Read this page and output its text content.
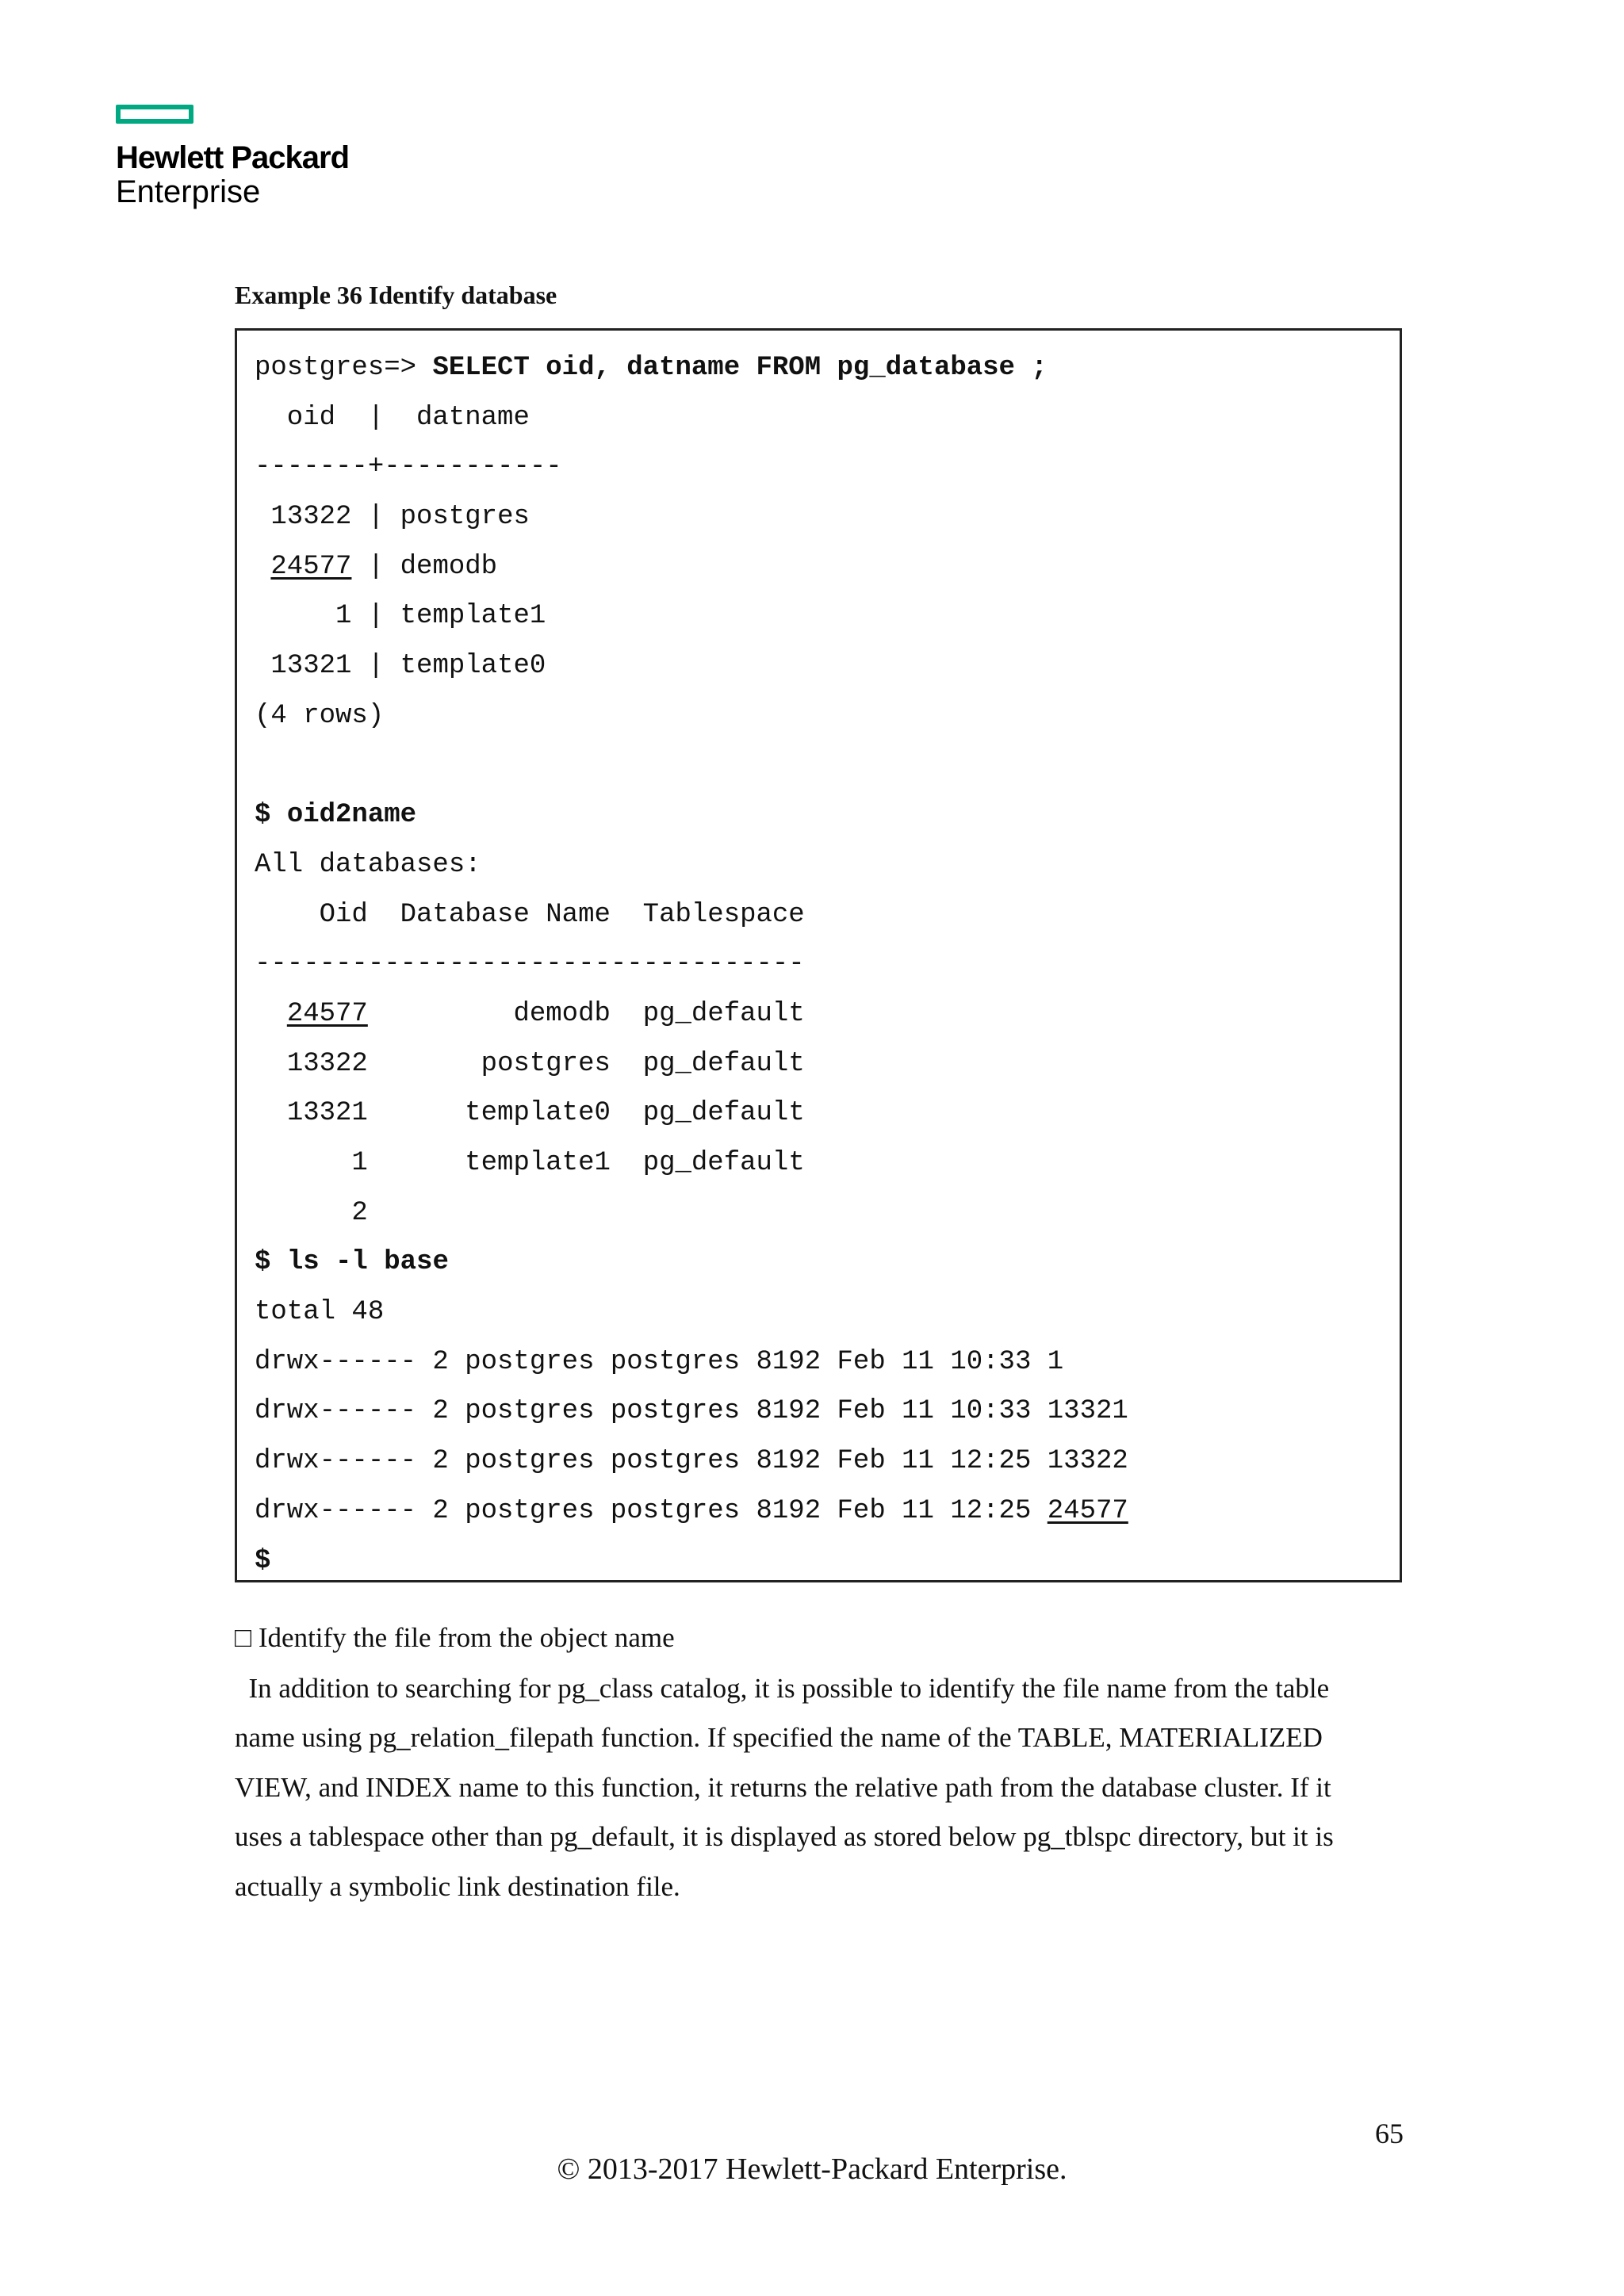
Hewlett Packard
Enterprise
Example 36 Identify database
postgres=> SELECT oid, datname FROM pg_database ;
oid  |  datname
-------+-----------
13322 | postgres
24577 | demodb
1 | template1
13321 | template0
(4 rows)
$ oid2name
All databases:
Oid  Database Name  Tablespace
----------------------------------
24577         demodb  pg_default
13322       postgres  pg_default
13321      template0  pg_default
1      template1  pg_default
2
$ ls -l base
total 48
drwx------ 2 postgres postgres 8192 Feb 11 10:33 1
drwx------ 2 postgres postgres 8192 Feb 11 10:33 13321
drwx------ 2 postgres postgres 8192 Feb 11 12:25 13322
drwx------ 2 postgres postgres 8192 Feb 11 12:25 24577
$
□ Identify the file from the object name
In addition to searching for pg_class catalog, it is possible to identify the file name from the table
name using pg_relation_filepath function. If specified the name of the TABLE, MATERIALIZED
VIEW, and INDEX name to this function, it returns the relative path from the database cluster. If it
uses a tablespace other than pg_default, it is displayed as stored below pg_tblspc directory, but it is
actually a symbolic link destination file.
65
© 2013-2017 Hewlett-Packard Enterprise.
